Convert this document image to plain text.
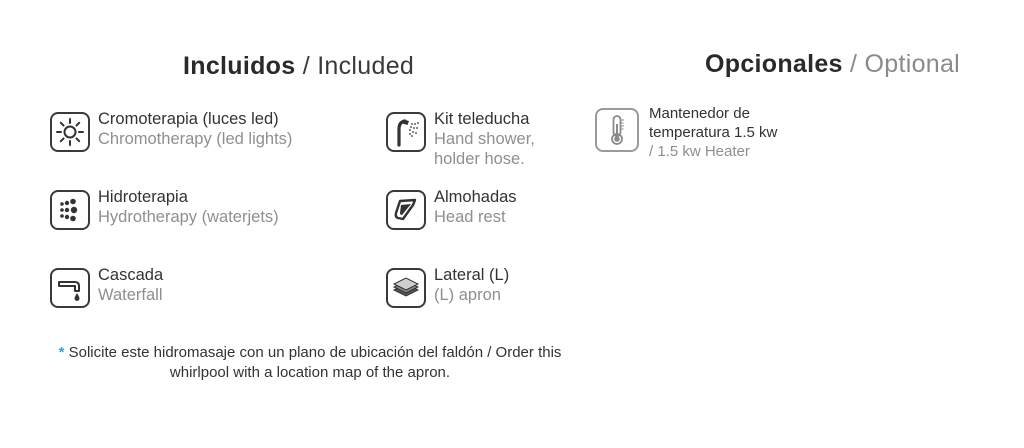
Incluidos / Included	Opcionales / Optional
Cromoterapia (luces led)
Chromotherapy (led lights)
Hidroterapia
Hydrotherapy (waterjets)
Cascada
Waterfall
Kit teleducha
Hand shower,
holder hose.
Almohadas
Head rest
Lateral (L)
(L) apron
Mantenedor de
temperatura 1.5 kw
/ 1.5 kw Heater
* Solicite este hidromasaje con un plano de ubicación del faldón / Order this whirlpool with a location map of the apron.
